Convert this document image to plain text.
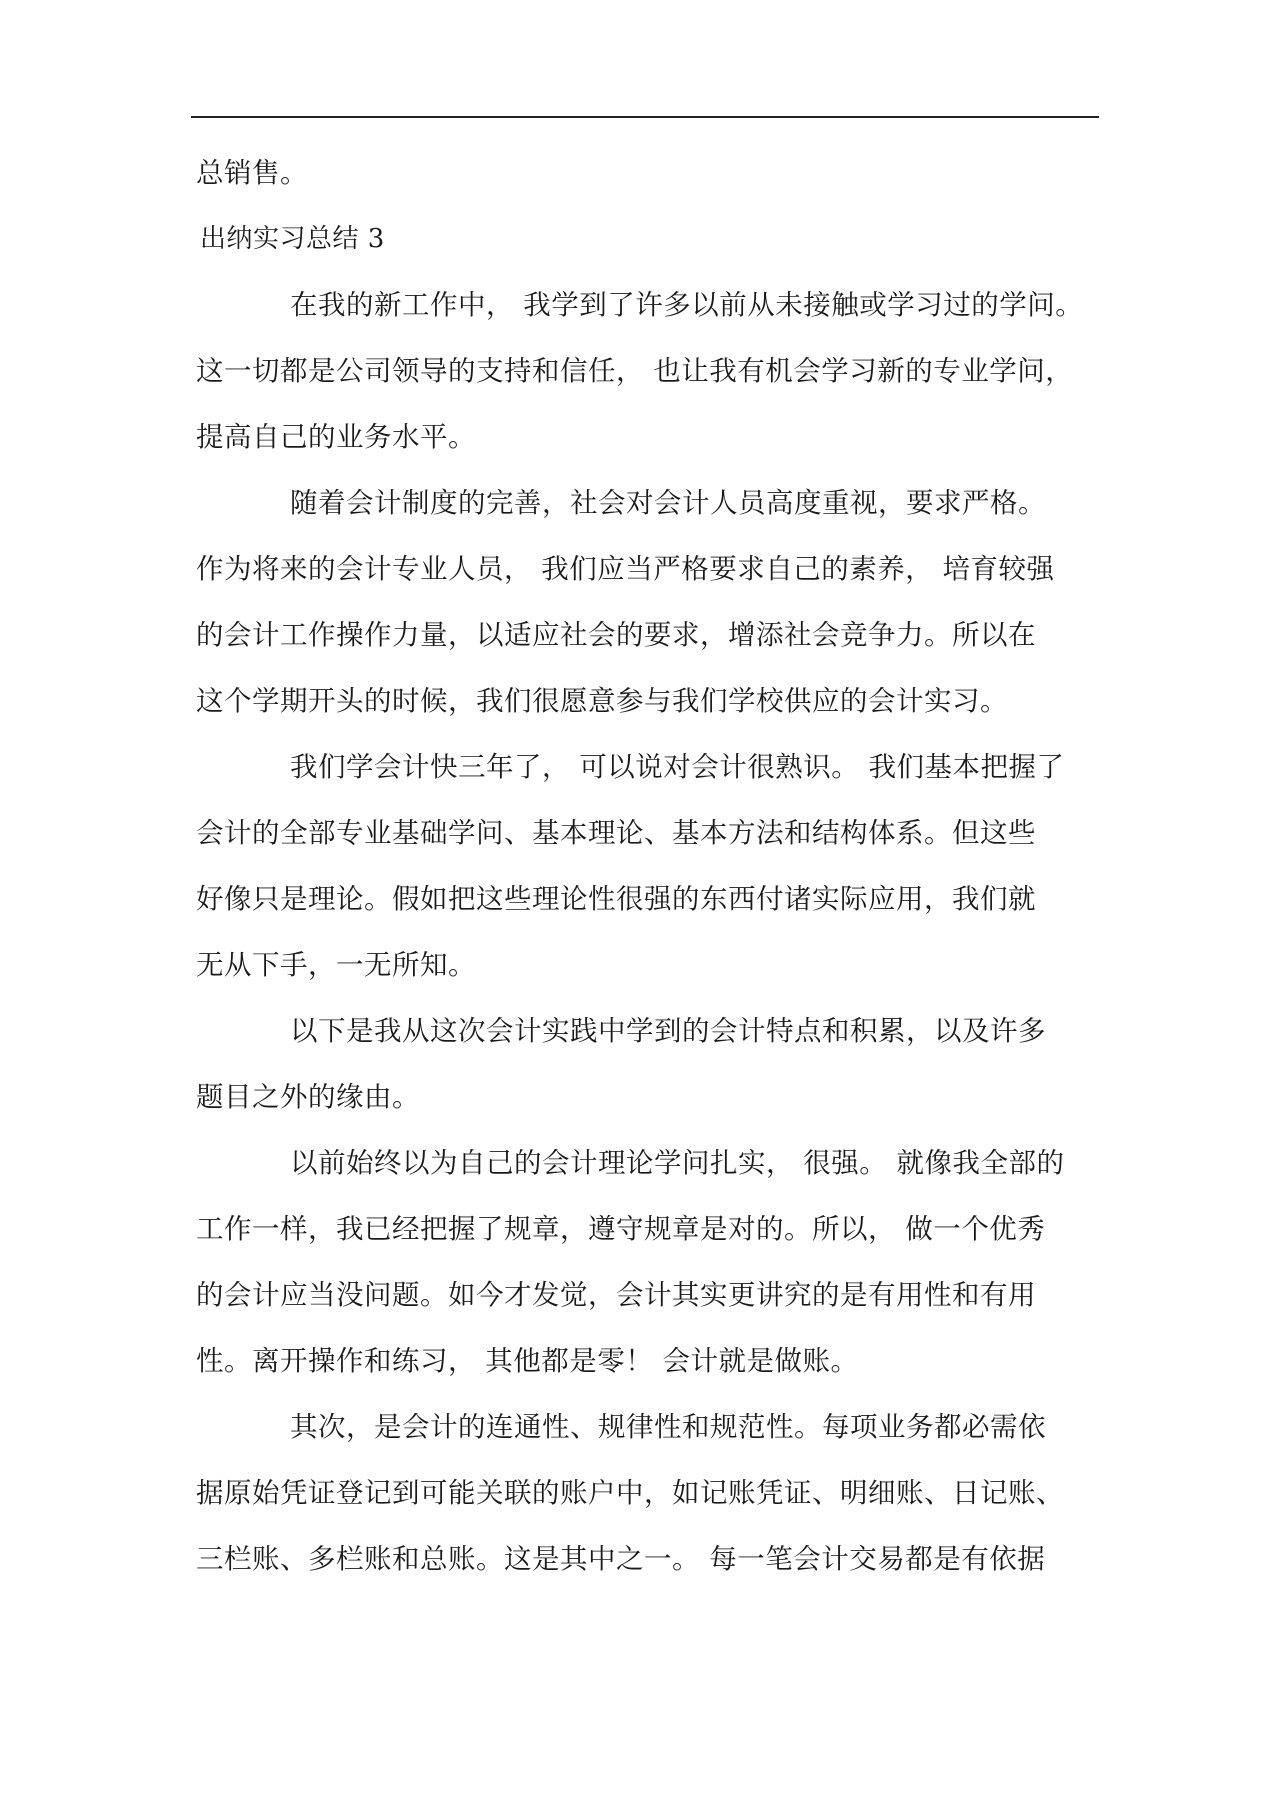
总销售。
出纳实习总结 3
在我的新工作中， 我学到了许多以前从未接触或学习过的学问。
这一切都是公司领导的支持和信任， 也让我有机会学习新的专业学问，
提高自己的业务水平。
随着会计制度的完善，社会对会计人员高度重视，要求严格。
作为将来的会计专业人员， 我们应当严格要求自己的素养， 培育较强
的会计工作操作力量，以适应社会的要求，增添社会竞争力。所以在
这个学期开头的时候，我们很愿意参与我们学校供应的会计实习。
我们学会计快三年了， 可以说对会计很熟识。 我们基本把握了
会计的全部专业基础学问、基本理论、基本方法和结构体系。但这些
好像只是理论。假如把这些理论性很强的东西付诸实际应用，我们就
无从下手，一无所知。
以下是我从这次会计实践中学到的会计特点和积累，以及许多
题目之外的缘由。
以前始终以为自己的会计理论学问扎实， 很强。 就像我全部的
工作一样，我已经把握了规章，遵守规章是对的。所以， 做一个优秀
的会计应当没问题。如今才发觉，会计其实更讲究的是有用性和有用
性。离开操作和练习， 其他都是零！ 会计就是做账。
其次，是会计的连通性、规律性和规范性。每项业务都必需依
据原始凭证登记到可能关联的账户中，如记账凭证、明细账、日记账、
三栏账、多栏账和总账。这是其中之一。 每一笔会计交易都是有依据
